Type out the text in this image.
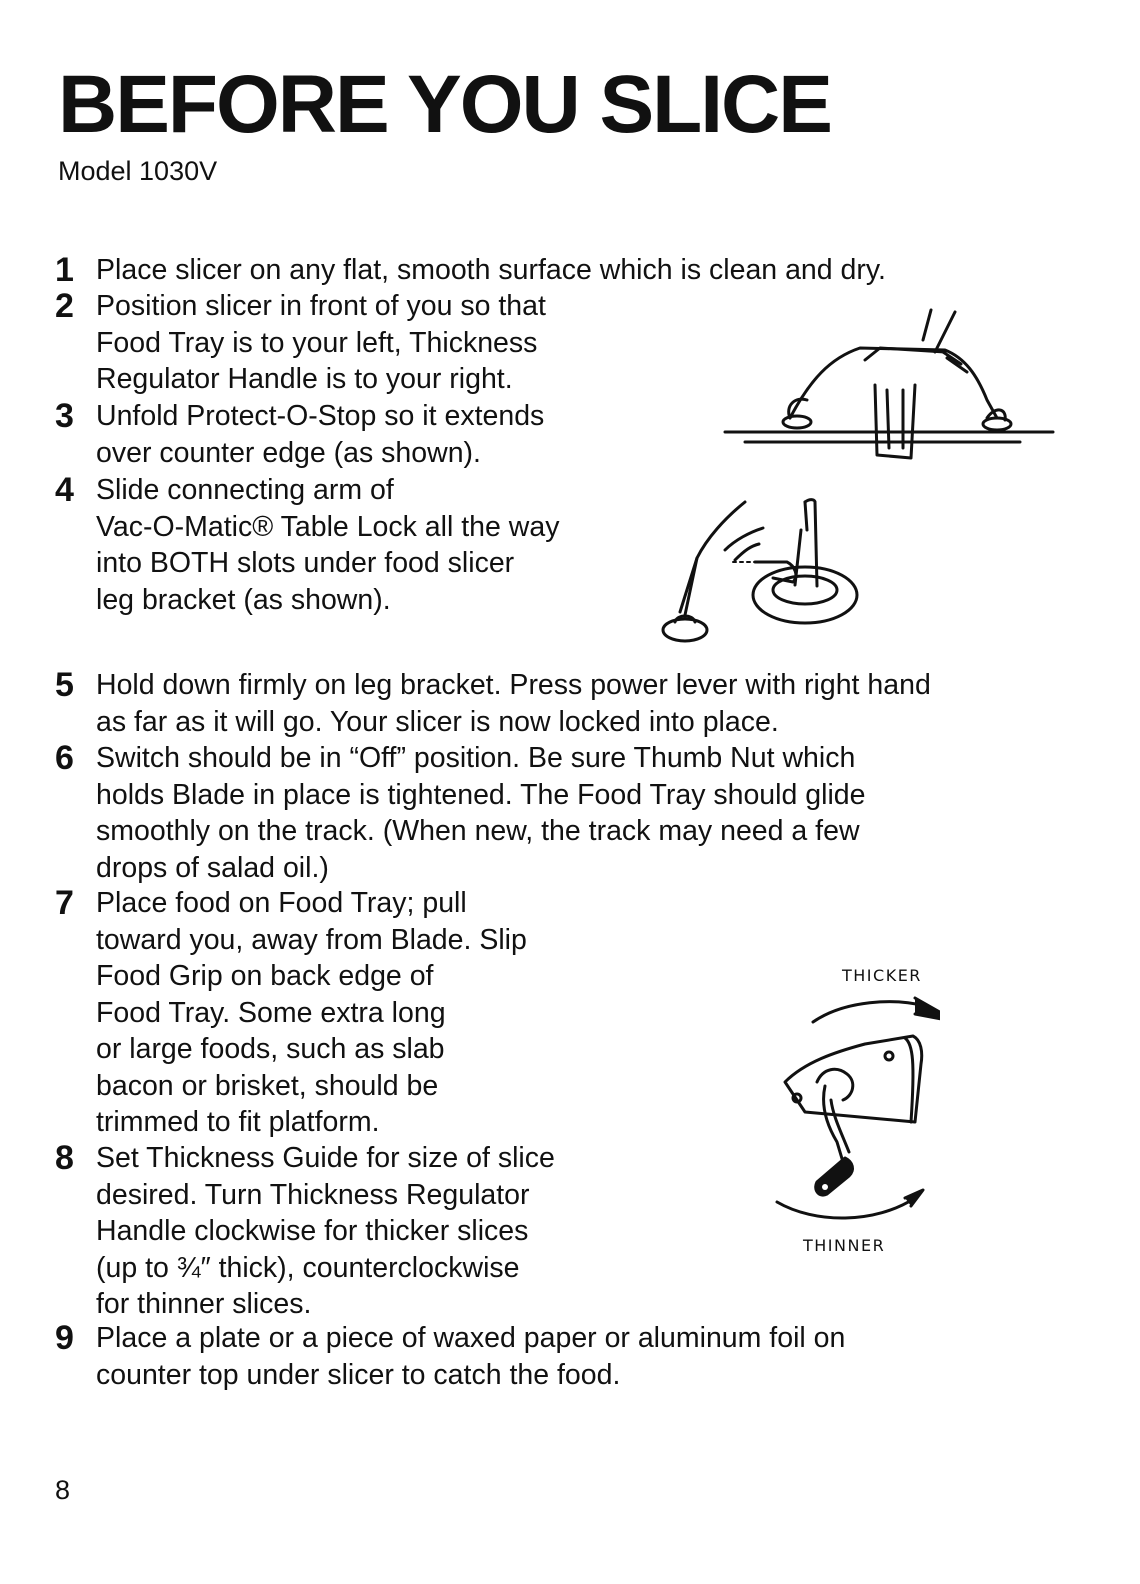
BEFORE YOU SLICE

Model 1030V

1 Place slicer on any flat, smooth surface which is clean and dry.
2 Position slicer in front of you so that
Food Tray is to your left, Thickness
Regulator Handle is to your right.
3 Unfold Protect-O-Stop so it extends
over counter edge (as shown).
4 Slide connecting arm of
Vac-O-Matic® Table Lock all the way
into BOTH slots under food slicer
leg bracket (as shown).
5 Hold down firmly on leg bracket. Press power lever with right hand
as far as it will go. Your slicer is now locked into place.
6 Switch should be in “Off” position. Be sure Thumb Nut which
holds Blade in place is tightened. The Food Tray should glide
smoothly on the track. (When new, the track may need a few
drops of salad oil.)
7 Place food on Food Tray; pull
toward you, away from Blade. Slip
Food Grip on back edge of
Food Tray. Some extra long
or large foods, such as slab
bacon or brisket, should be
trimmed to fit platform.
8 Set Thickness Guide for size of slice
desired. Turn Thickness Regulator
Handle clockwise for thicker slices
(up to ¾″ thick), counterclockwise
for thinner slices.
9 Place a plate or a piece of waxed paper or aluminum foil on
counter top under slicer to catch the food.
THICKER
THINNER
8
